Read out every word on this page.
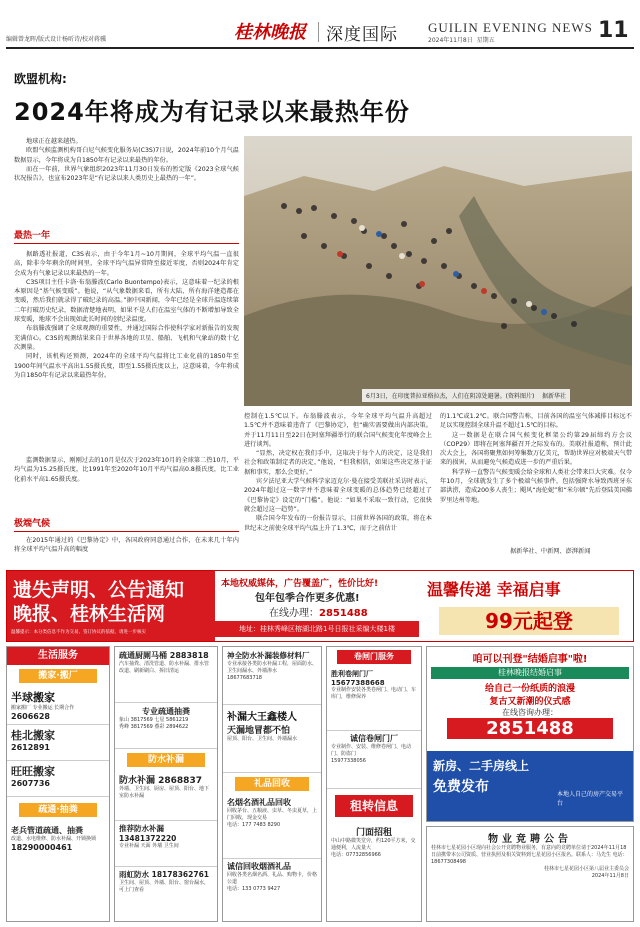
编辑曾龙晖/版式设计杨昕诗/校对蒋骥	桂林晚报 深度国际 GUILIN EVENING NEWS
2024年11月8日 星期五	11
欧盟机构:
2024年将成为有记录以来最热年份

地球正在越来越热。

欧盟气候监测机构哥白尼气候变化服务局(C3S)7日说，2024年前10个月气温数据显示，今年将成为自1850年有记录以来最热的年份。

而在一年前，世界气象组织2023年11月30日发布的暂定版《2023全球气候状况报告》，也宣布2023年是“有记录以来人类历史上最热的一年”。

最热一年

据路透社报道，C3S表示，由于今年1月~10月期间，全球平均气温一直很高，除非今年剩余的时间里，全球平均气温异常降至接近零度，否则2024年肯定会成为有气象记录以来最热的一年。

C3S项目主任卡洛·布翁滕波(Carlo Buontempo)表示，这意味着一纪录的根本原因是“基气候变暖”。他说，“从气象数据来看，所有大陆、所有海洋建造都在变暖，然后我们就录得了破纪录的高温。”据中国新闻，今年已经是全球升温连续第二年打破历史纪录，数据清楚地表明，如果不是人们在温室气体的不断增加导致全球变暖，地球不会出现如此长时间的创纪录温度。

布翁滕波强调了全球观测的重要性，并通过国际合作使科学家对新报告的发现充满信心。C3S的观测结果来自于世界各地的卫星、船舶、飞机和气象站的数十亿次测量。

同时，该机构还预测，2024年的全球平均气温将比工业化前的1850年至1900年间气温水平高出1.55摄氏度，即至1.55摄氏度以上，这意味着，今年将成为自1850年有记录以来最热年份。

监测数据显示，刚刚过去的10月是仅次于2023年10月的全球第二热10月，平均气温为15.25摄氏度，比1991年至2020年10月平均气温高0.8摄氏度，比工业化前水平高1.65摄氏度。

极端气候

在2015年通过的《巴黎协定》中，各国政府同意通过合作，在未来几十年内将全球平均气温升高的幅度

6月3日，在印度普拉亚格拉杰，人们在阴凉处避暑。(资料图片) 据新华社

控制在1.5℃以下。布翁滕波表示，今年全球平均气温升高超过1.5℃并不意味着违背了《巴黎协定》，但“确实需要做出内部决策。并于11月11日至22日在阿塞拜疆举行的联合国气候变化年度峰会上进行谈判。

“显然，决定权在我们手中，这取决于每个人的决定，这是我们社会和政策制定者的决定，”他说，“但我相信，如果这些决定基于证据和事实，那么会更好。”

宾夕法尼亚大学气候科学家迈克尔·曼在接受美联社采访时表示，2024年超过这一数字并不意味着全球变暖的总体趋势已经超过了《巴黎协定》设定的“门槛”。他说：“如果不采取一致行动，它很快就会超过这一趋势”。

联合国今年发布的一份报告显示，目前世界各国的政策，将在本世纪末之前使全球平均气温上升了1.3℃，而于之前估计

的1.1℃或1.2℃。联合国警告称，目前各国的温室气体减排目标远不足以实现控制全球升温不超过1.5℃的目标。

这一数据是在联合国气候变化框架公约第29届缔约方会议（COP29）即将在阿塞拜疆召开之际发布的。美联社报道称，预计此次大会上，各国将聚焦如何筹集数万亿美元，帮助世界应对极端天气带来的损害，从而避免气候造成进一步的严重后果。

科学界一直警告气候变暖会给全球和人类社会带来巨大灾难。仅今年10月，全球就发生了多个极端气候事件，包括强降水导致西班牙东部洪涝，造成200多人丧生；飓风“海伦妮”和“米尔顿”先后登陆美国佛罗里达州等地。

据新华社、中新网、澎湃新闻
遗失声明、公告通知
晚报、桂林生活网
温馨提示：本分类信息不作为交易、签订协议的依据，请进一步核实
本地权威媒体，广告覆盖广，性价比好!
包年包季合作更多优惠!
在线办理：2851488
地址：桂林秀峰区榕湖北路1号日报社采编大楼1楼
温馨传递 幸福启事
99元起登
生活服务
搬家·搬厂
半球搬家
搬家搬厂 专业搬运 长期合作
2606628
桂北搬家
2612891
旺旺搬家
2607736
疏通·抽粪
老兵管道疏通、抽粪
改道、水电维修、防水补漏、开锁换锁
18290000461
疏通厨厕马桶 2883818
汽车抽粪、清洗管道、防水补漏、排水管改道、刷新刷白、拆旧清运
专业疏通抽粪
象山 3817569 七星 5861219
秀峰 3817569 叠彩 2894622
防水补漏
防水补漏 2868837
外墙、卫生间、厨房、屋顶、阳台、地下室防水补漏
推荐防水补漏 13481372220
专业补漏 天面 外墙 卫生间
雨虹防水 18178362761
卫生间、屋顶、外墙、阳台、窗台漏水，可上门查看
神全防水补漏装修材料厂
专业承接各类防水补漏工程，屋面防水、卫生间漏水、外墙渗水
18677683718
补漏大王鑫楼人
天漏地冒都不怕
屋顶、阳台、卫生间、外墙漏水
礼品回收
名烟名酒礼品回收
回收茅台、五粮液、虫草、冬虫夏草，上门回收，现金交易
电话：177 7483 8290
诚信回收烟酒礼品
回收各类名烟名酒、礼品、购物卡，价格公道
电话：133 0773 9427
卷闸门服务
胜利卷闸门厂 15677388668
专业制作安装各类卷闸门、电动门、车库门，维修保养
诚信卷闸门厂
专业制作、安装、维修卷闸门、电动门、防盗门
15977338056
租转信息
门面招租
中山中路微笑堂旁，约120平方米，交通便利，人流量大
电话：07732856966
咱可以刊登"结婚启事"啦!
桂林晚报结婚启事
给自己一份纸质的浪漫
复古又新潮的仪式感
在线咨询办理：
2851488
新房、二手房线上
免费发布	本地人自己的房产交易平台
物业竞聘公告
桂林市七星花园小区现向社会公开竞聘物业服务，有意向的竞聘单位请于2024年11月18日前携带本公司资质、营业执照及相关资料到七星花园小区报名。联系人：马先生 电话：18677308498
桂林市七星花园小区第八届业主委员会
2024年11月8日
